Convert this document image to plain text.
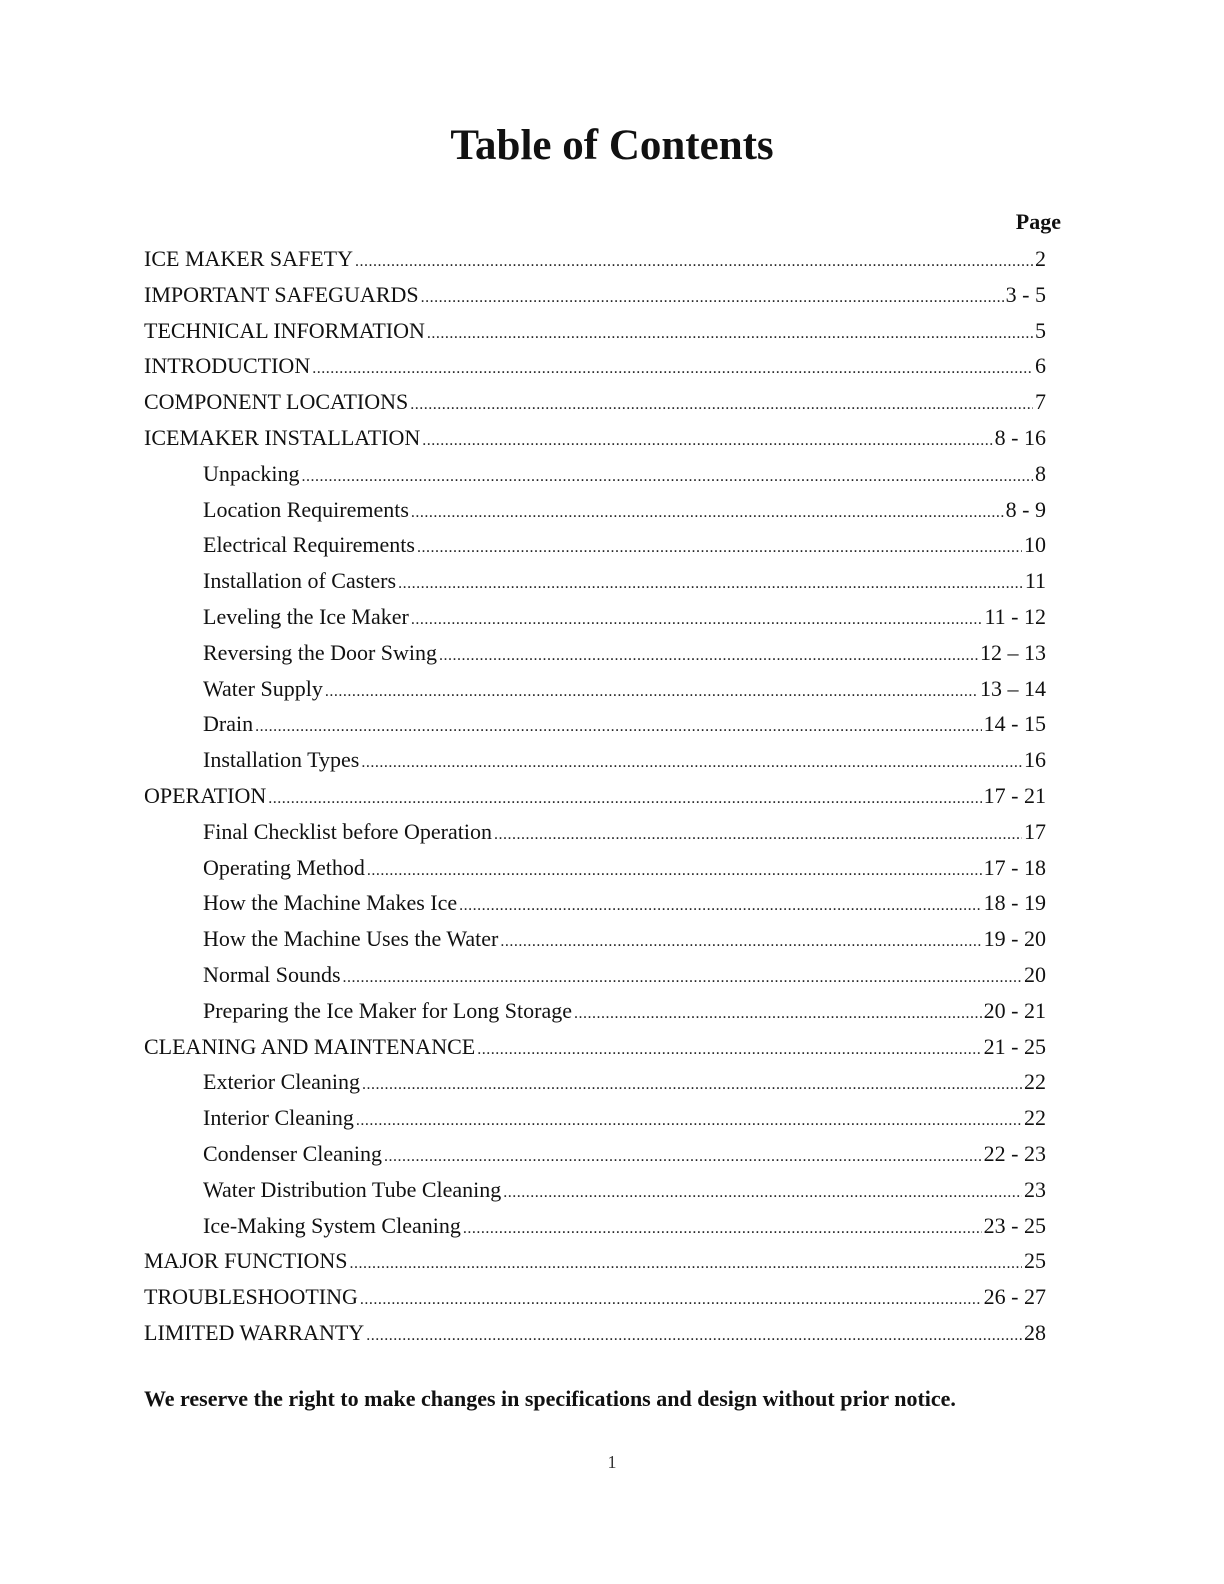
Table of Contents
Page
ICE MAKER SAFETY .....	2
IMPORTANT SAFEGUARDS .....	3 - 5
TECHNICAL INFORMATION .....	5
INTRODUCTION .....	6
COMPONENT LOCATIONS .....	7
ICEMAKER INSTALLATION .....	8 - 16
Unpacking .....	8
Location Requirements .....	8 - 9
Electrical Requirements .....	10
Installation of Casters .....	11
Leveling the Ice Maker .....	11 - 12
Reversing the Door Swing .....	12 – 13
Water Supply .....	13 – 14
Drain .....	14 - 15
Installation Types .....	16
OPERATION .....	17 - 21
Final Checklist before Operation .....	17
Operating Method .....	17 - 18
How the Machine Makes Ice .....	18 - 19
How the Machine Uses the Water .....	19 - 20
Normal Sounds .....	20
Preparing the Ice Maker for Long Storage .....	20 - 21
CLEANING AND MAINTENANCE .....	21 - 25
Exterior Cleaning .....	22
Interior Cleaning .....	22
Condenser Cleaning .....	22 - 23
Water Distribution Tube Cleaning .....	23
Ice-Making System Cleaning .....	23 - 25
MAJOR FUNCTIONS .....	25
TROUBLESHOOTING .....	26 - 27
LIMITED WARRANTY .....	28
We reserve the right to make changes in specifications and design without prior notice.
1
